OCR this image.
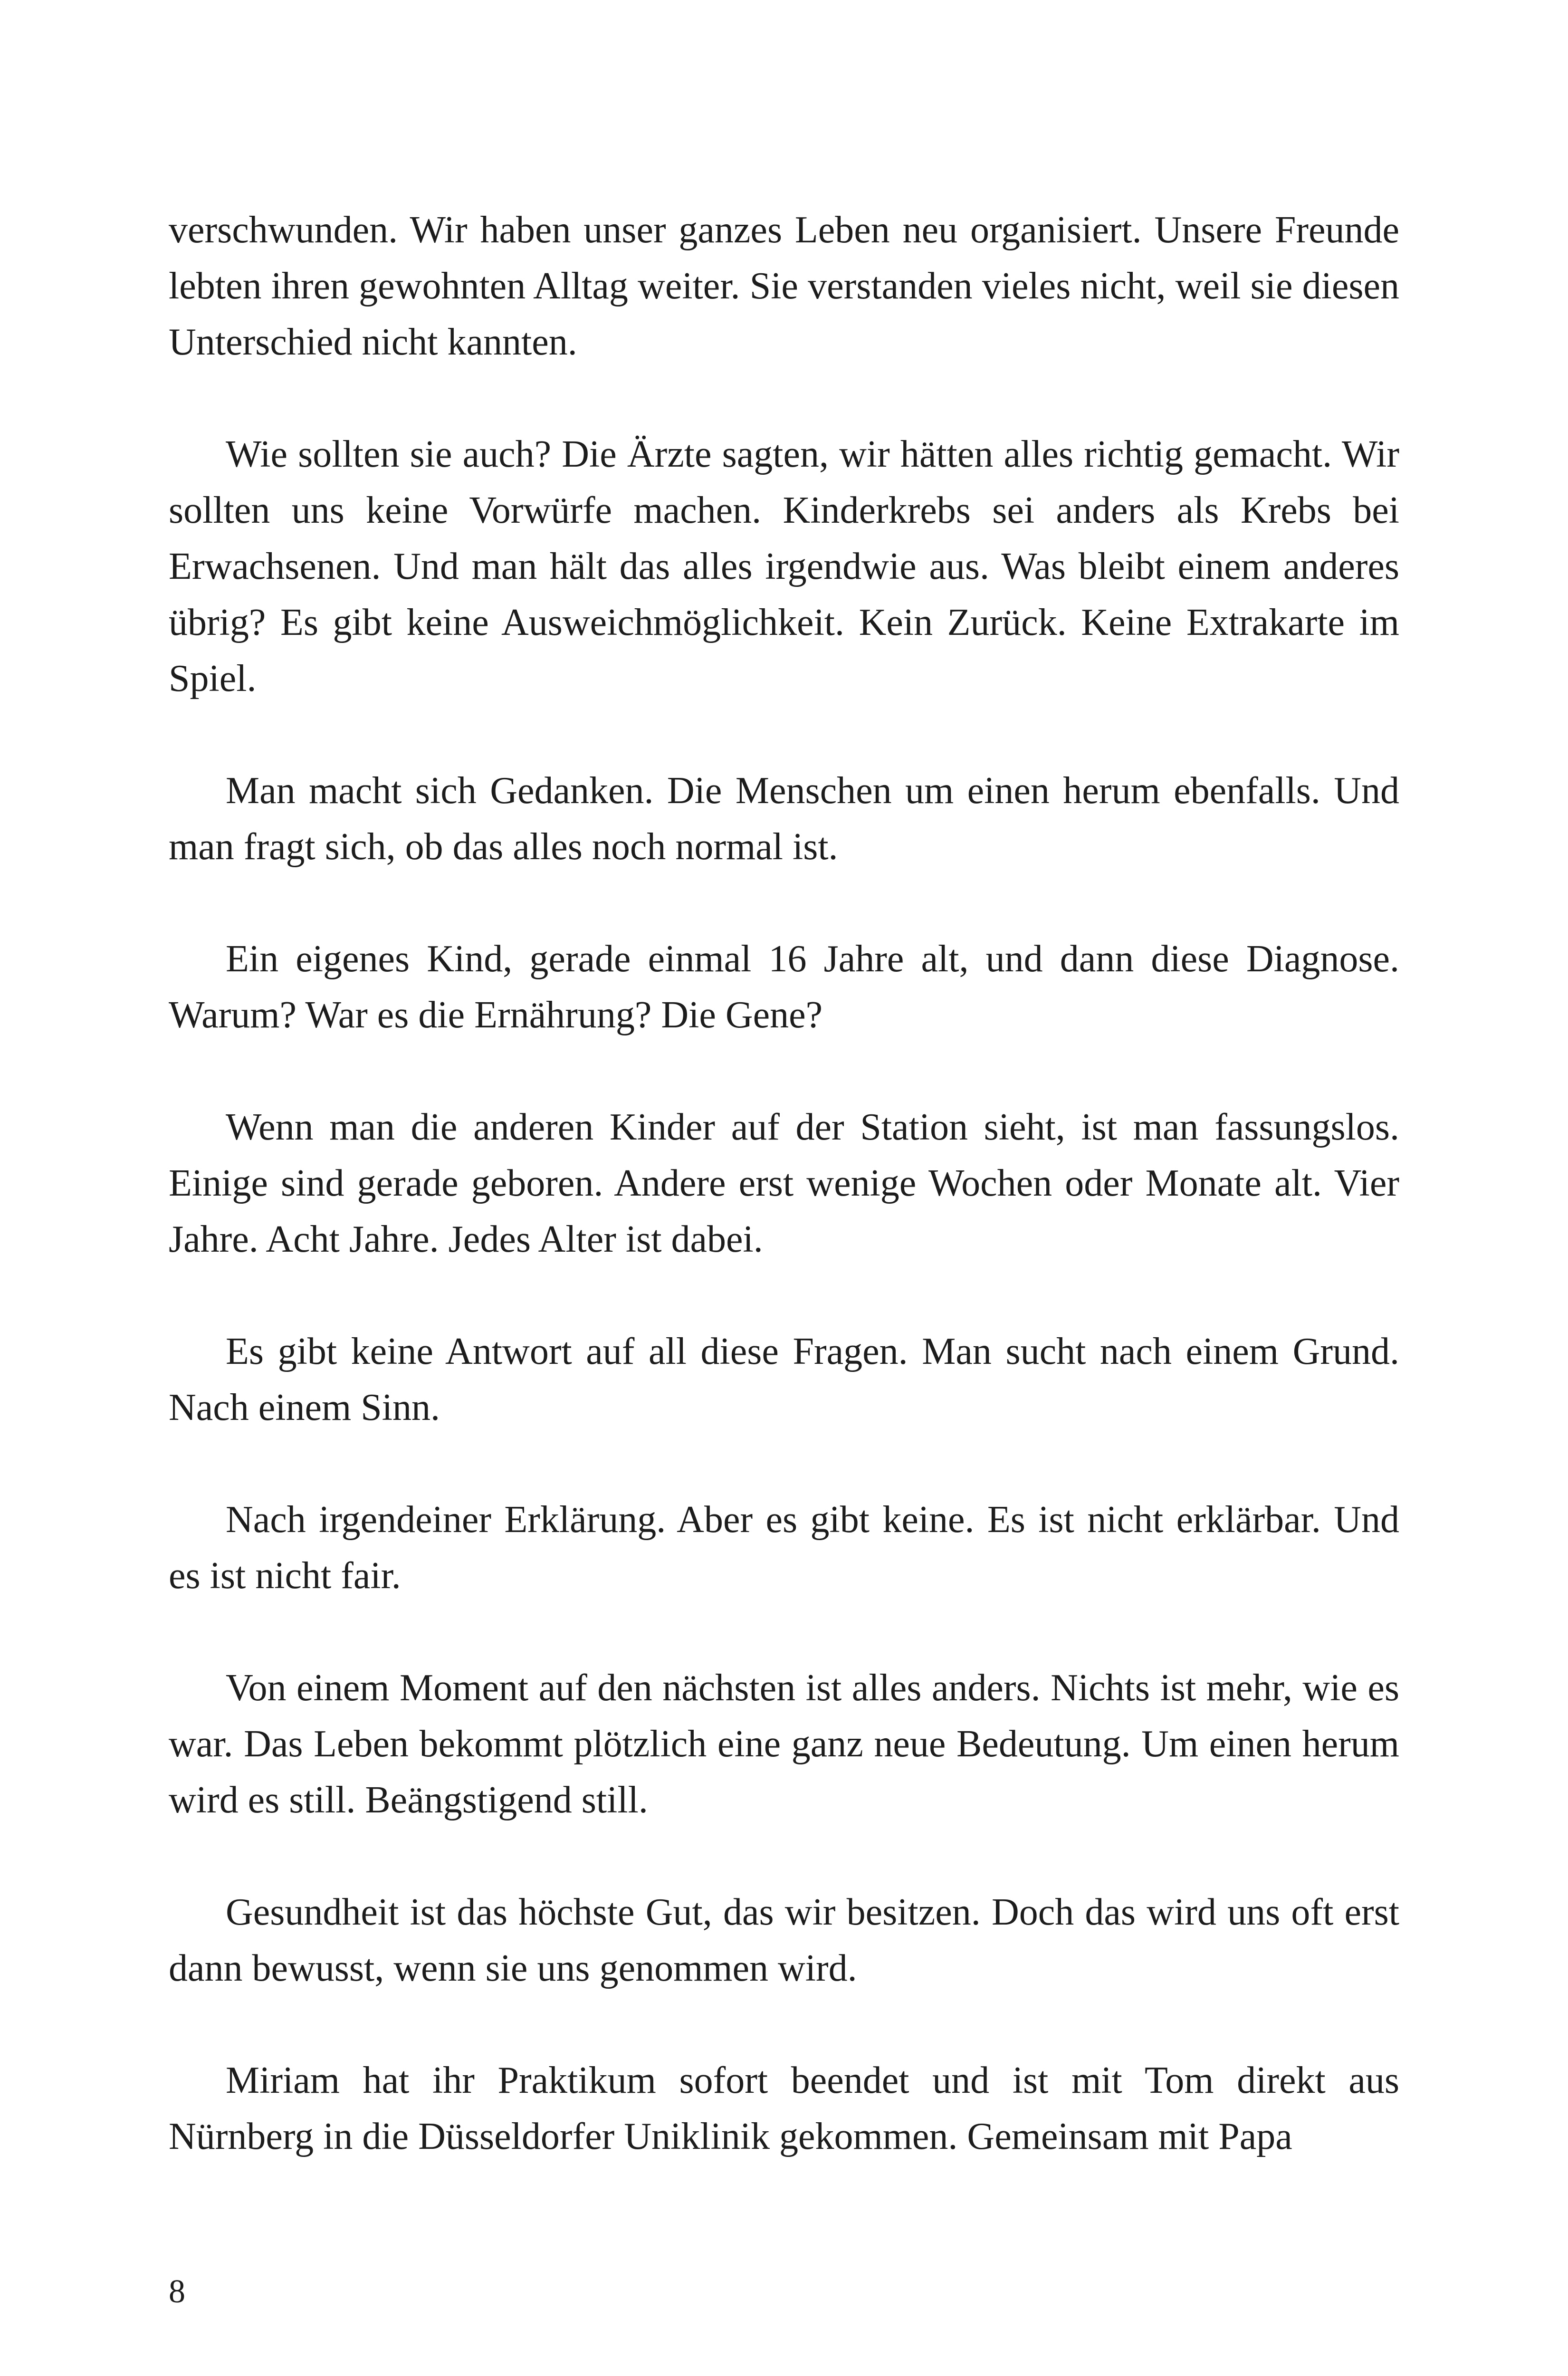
verschwunden. Wir haben unser ganzes Leben neu organisiert. Unsere Freunde lebten ihren gewohnten Alltag weiter. Sie verstanden vieles nicht, weil sie diesen Unterschied nicht kannten.

Wie sollten sie auch? Die Ärzte sagten, wir hätten alles richtig gemacht. Wir sollten uns keine Vorwürfe machen. Kinderkrebs sei anders als Krebs bei Erwachsenen. Und man hält das alles irgendwie aus. Was bleibt einem anderes übrig? Es gibt keine Ausweichmöglichkeit. Kein Zurück. Keine Extrakarte im Spiel.

Man macht sich Gedanken. Die Menschen um einen herum ebenfalls. Und man fragt sich, ob das alles noch normal ist.

Ein eigenes Kind, gerade einmal 16 Jahre alt, und dann diese Diagnose. Warum? War es die Ernährung? Die Gene?

Wenn man die anderen Kinder auf der Station sieht, ist man fassungslos. Einige sind gerade geboren. Andere erst wenige Wochen oder Monate alt. Vier Jahre. Acht Jahre. Jedes Alter ist dabei.

Es gibt keine Antwort auf all diese Fragen. Man sucht nach einem Grund. Nach einem Sinn.

Nach irgendeiner Erklärung. Aber es gibt keine. Es ist nicht erklärbar. Und es ist nicht fair.

Von einem Moment auf den nächsten ist alles anders. Nichts ist mehr, wie es war. Das Leben bekommt plötzlich eine ganz neue Bedeutung. Um einen herum wird es still. Beängstigend still.

Gesundheit ist das höchste Gut, das wir besitzen. Doch das wird uns oft erst dann bewusst, wenn sie uns genommen wird.

Miriam hat ihr Praktikum sofort beendet und ist mit Tom direkt aus Nürnberg in die Düsseldorfer Uniklinik gekommen. Gemeinsam mit Papa

8
